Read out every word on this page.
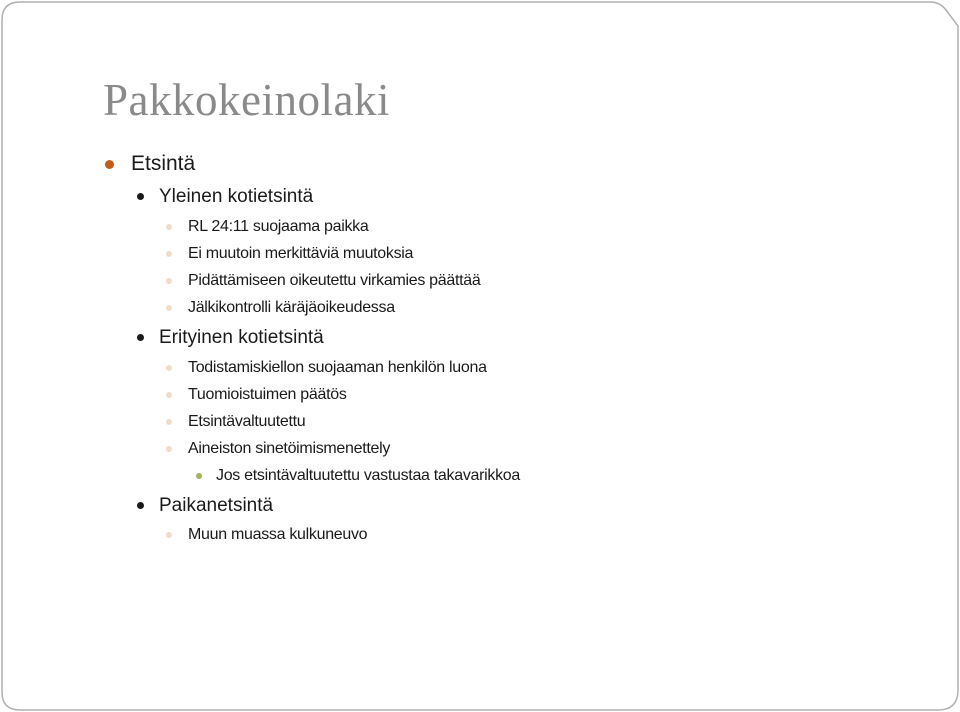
Pakkokeinolaki
Etsintä
Yleinen kotietsintä
RL 24:11 suojaama paikka
Ei muutoin merkittäviä muutoksia
Pidättämiseen oikeutettu virkamies päättää
Jälkikontrolli käräjäoikeudessa
Erityinen kotietsintä
Todistamiskiellon suojaaman henkilön luona
Tuomioistuimen päätös
Etsintävaltuutettu
Aineiston sinetöimismenettely
Jos etsintävaltuutettu vastustaa takavarikkoa
Paikanetsintä
Muun muassa kulkuneuvo
